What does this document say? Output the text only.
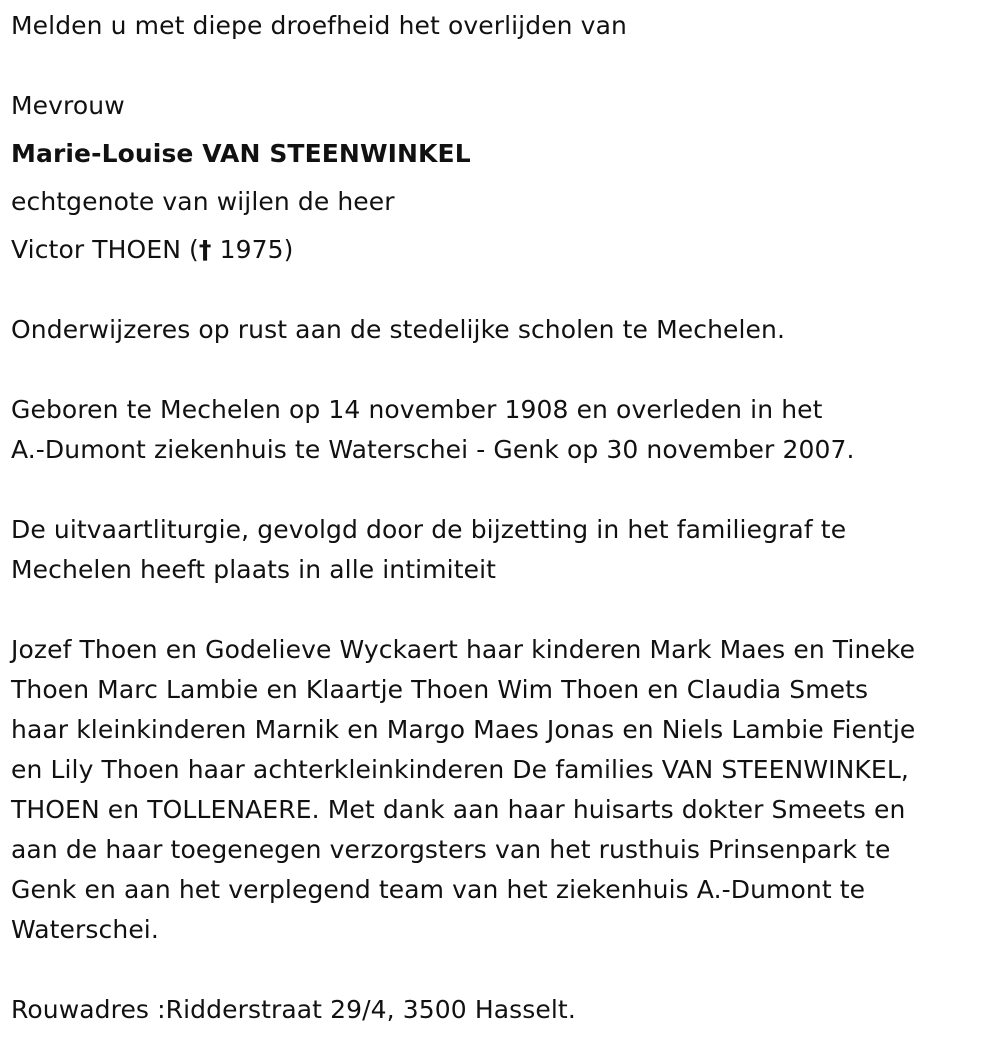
Melden u met diepe droefheid het overlijden van
Mevrouw
Marie-Louise VAN STEENWINKEL
echtgenote van wijlen de heer
Victor THOEN († 1975)
Onderwijzeres op rust aan de stedelijke scholen te Mechelen.
Geboren te Mechelen op 14 november 1908 en overleden in het
A.-Dumont ziekenhuis te Waterschei - Genk op 30 november 2007.
De uitvaartliturgie, gevolgd door de bijzetting in het familiegraf te
Mechelen heeft plaats in alle intimiteit
Jozef Thoen en Godelieve Wyckaert haar kinderen Mark Maes en Tineke
Thoen Marc Lambie en Klaartje Thoen Wim Thoen en Claudia Smets
haar kleinkinderen Marnik en Margo Maes Jonas en Niels Lambie Fientje
en Lily Thoen haar achterkleinkinderen De families VAN STEENWINKEL,
THOEN en TOLLENAERE. Met dank aan haar huisarts dokter Smeets en
aan de haar toegenegen verzorgsters van het rusthuis Prinsenpark te
Genk en aan het verplegend team van het ziekenhuis A.-Dumont te
Waterschei.
Rouwadres :Ridderstraat 29/4, 3500 Hasselt.
